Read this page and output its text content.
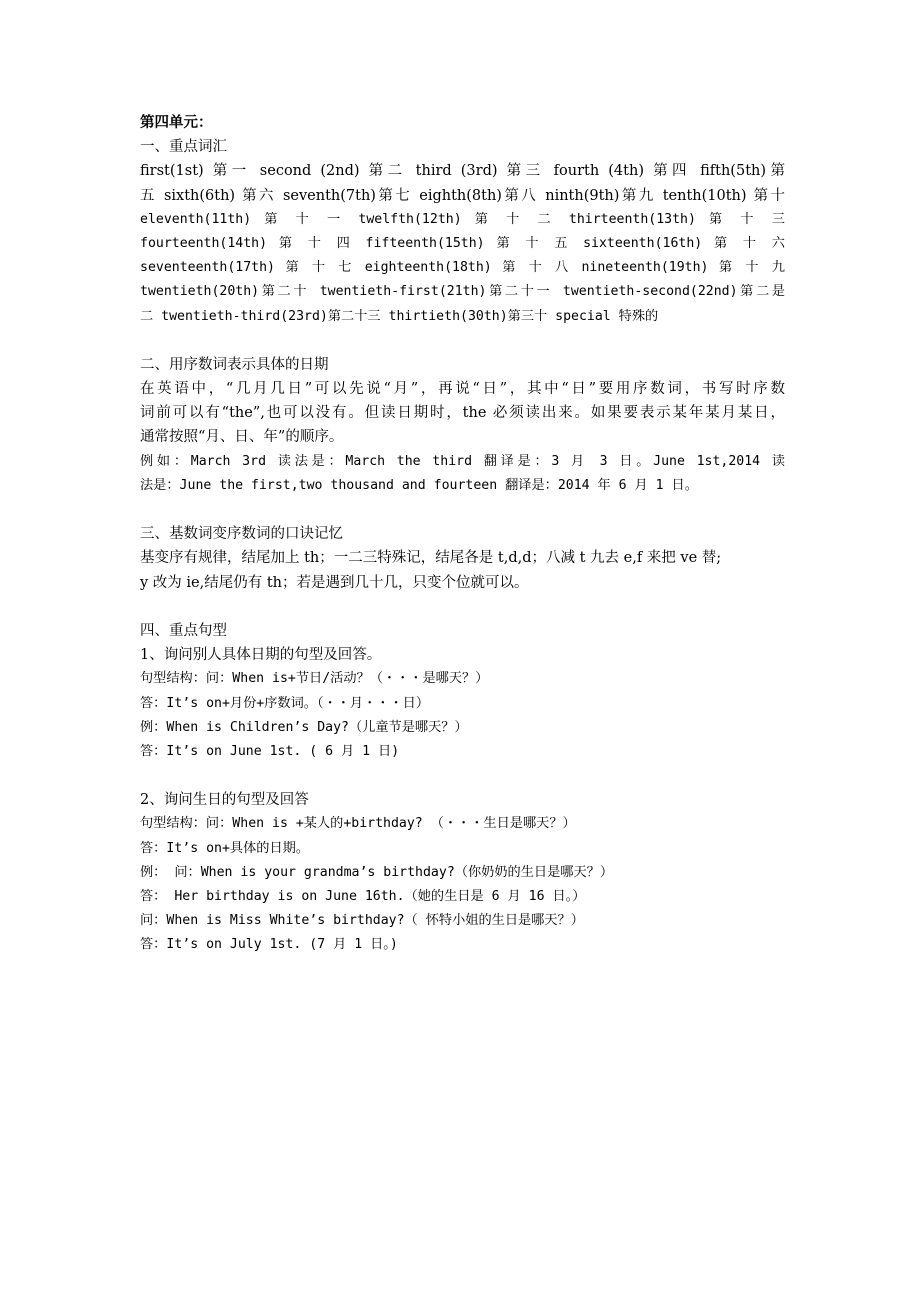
第四单元：
一、重点词汇
first(1st) 第一 second (2nd) 第二 third (3rd) 第三 fourth (4th) 第四 fifth(5th)第
五 sixth(6th) 第六 seventh(7th)第七 eighth(8th)第八 ninth(9th)第九 tenth(10th) 第十
eleventh(11th) 第 十 一 twelfth(12th) 第 十 二 thirteenth(13th) 第 十 三
fourteenth(14th) 第 十 四 fifteenth(15th) 第 十 五 sixteenth(16th) 第 十 六
seventeenth(17th) 第 十 七 eighteenth(18th) 第 十 八 nineteenth(19th) 第 十 九
twentieth(20th)第二十 twentieth-first(21th)第二十一 twentieth-second(22nd)第二是
二 twentieth-third(23rd)第二十三 thirtieth(30th)第三十 special 特殊的
二、用序数词表示具体的日期
在英语中，“几月几日”可以先说“月”，再说“日”，其中“日”要用序数词，书写时序数
词前可以有“the”,也可以没有。但读日期时，the 必须读出来。如果要表示某年某月某日，
通常按照“月、日、年”的顺序。
例如：March 3rd 读法是：March the third 翻译是：3 月 3 日。June 1st,2014 读
法是：June the first,two thousand and fourteen 翻译是：2014 年 6 月 1 日。
三、基数词变序数词的口诀记忆
基变序有规律，结尾加上 th；一二三特殊记，结尾各是 t,d,d；八减 t 九去 e,f 来把 ve 替;
y 改为 ie,结尾仍有 th；若是遇到几十几，只变个位就可以。
四、重点句型
1、询问别人具体日期的句型及回答。
句型结构：问：When is+节日/活动？（・・・是哪天？）
答：It’s on+月份+序数词。（・・月・・・日）
例：When is Children’s Day?（儿童节是哪天？）
答：It’s on June 1st. ( 6 月 1 日)
2、询问生日的句型及回答
句型结构：问：When is +某人的+birthday? （・・・生日是哪天？）
答：It’s on+具体的日期。
例： 问：When is your grandma’s birthday?（你奶奶的生日是哪天？）
答： Her birthday is on June 16th.（她的生日是 6 月 16 日。）
问：When is Miss White’s birthday?（ 怀特小姐的生日是哪天？）
答：It’s on July 1st. (7 月 1 日。)
